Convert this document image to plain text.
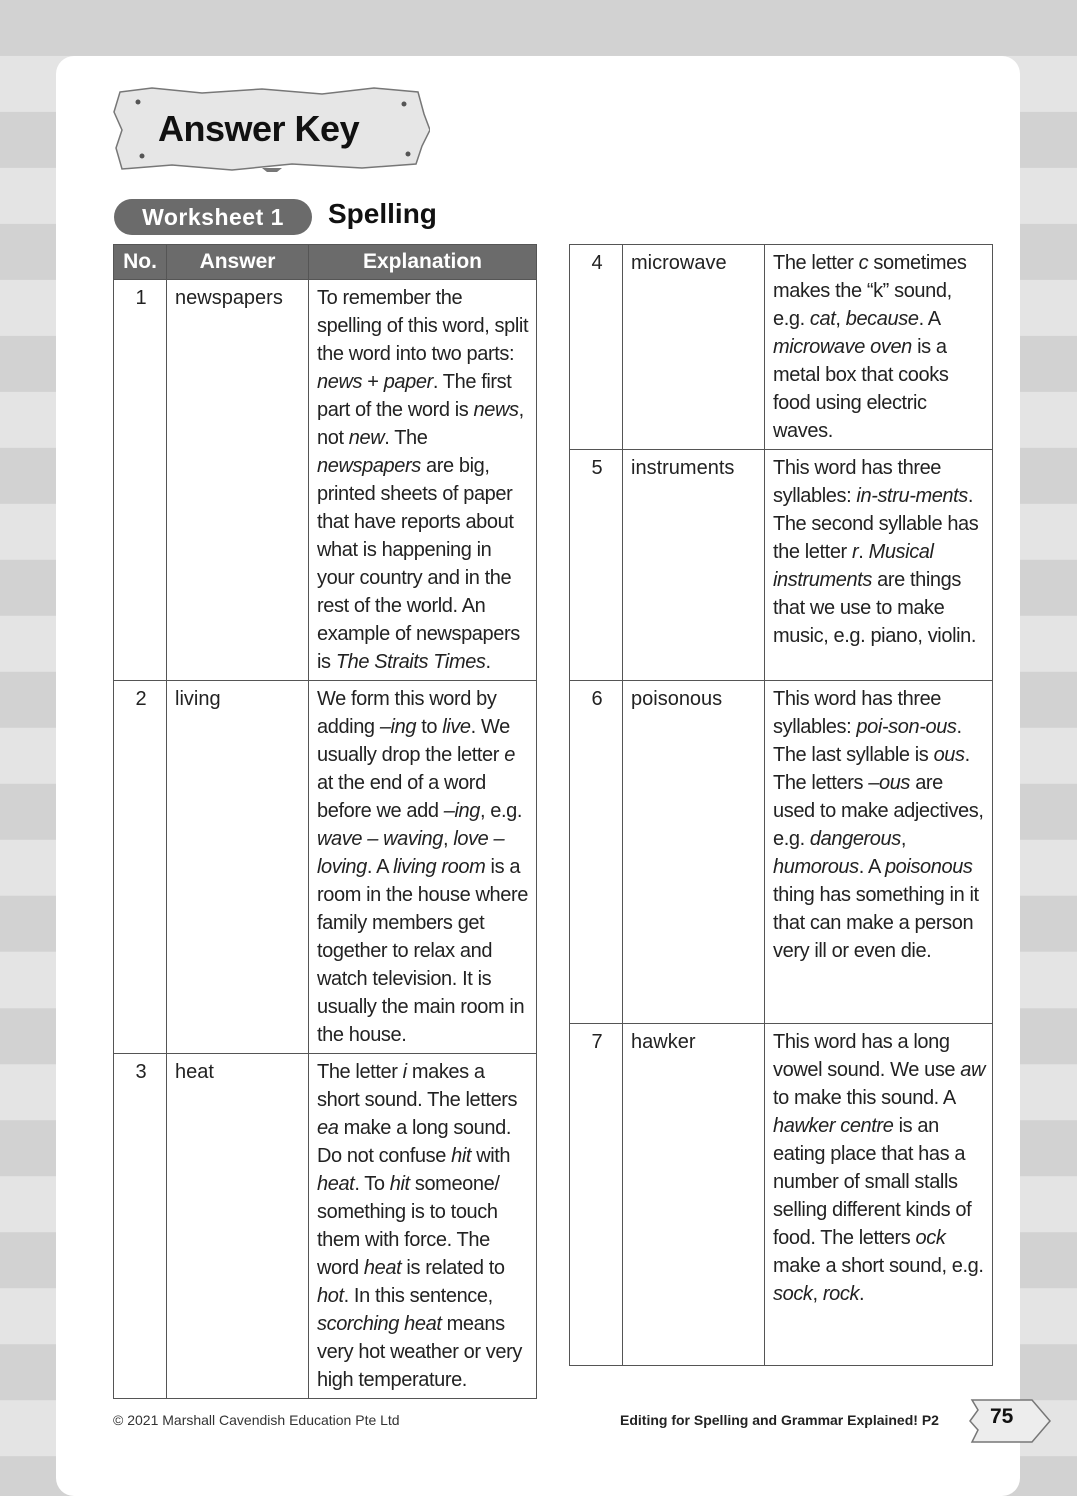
Answer Key
Worksheet 1	Spelling
No.	Answer	Explanation
1	newspapers	To remember the spelling of this word, split the word into two parts: news + paper. The first part of the word is news, not new. The newspapers are big, printed sheets of paper that have reports about what is happening in your country and in the rest of the world. An example of newspapers is The Straits Times.
2	living	We form this word by adding –ing to live. We usually drop the letter e at the end of a word before we add –ing, e.g. wave – waving, love – loving. A living room is a room in the house where family members get together to relax and watch television. It is usually the main room in the house.
3	heat	The letter i makes a short sound. The letters ea make a long sound. Do not confuse hit with heat. To hit someone/ something is to touch them with force. The word heat is related to hot. In this sentence, scorching heat means very hot weather or very high temperature.
4	microwave	The letter c sometimes makes the “k” sound, e.g. cat, because. A microwave oven is a metal box that cooks food using electric waves.
5	instruments	This word has three syllables: in-stru-ments. The second syllable has the letter r. Musical instruments are things that we use to make music, e.g. piano, violin.
6	poisonous	This word has three syllables: poi-son-ous. The last syllable is ous. The letters –ous are used to make adjectives, e.g. dangerous, humorous. A poisonous thing has something in it that can make a person very ill or even die.
7	hawker	This word has a long vowel sound. We use aw to make this sound. A hawker centre is an eating place that has a number of small stalls selling different kinds of food. The letters ock make a short sound, e.g. sock, rock.
© 2021 Marshall Cavendish Education Pte Ltd	Editing for Spelling and Grammar Explained! P2 75
